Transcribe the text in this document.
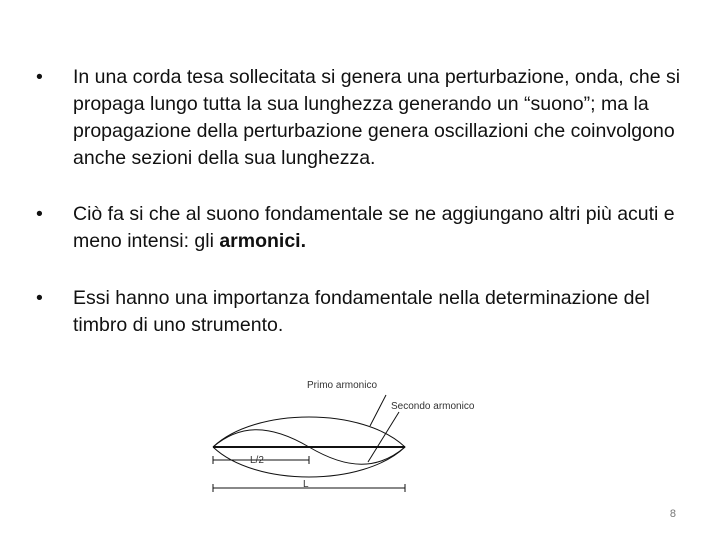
•	In una corda tesa sollecitata si genera una perturbazione, onda, che si propaga lungo tutta la sua lunghezza generando un “suono”; ma la propagazione della perturbazione genera oscillazioni che coinvolgono anche sezioni della sua lunghezza.
•	Ciò fa si che al suono fondamentale se ne aggiungano altri più acuti e meno intensi: gli armonici.
•	Essi hanno una importanza fondamentale nella determinazione del timbro di uno strumento.
Primo armonico
Secondo armonico
L/2
L
8
